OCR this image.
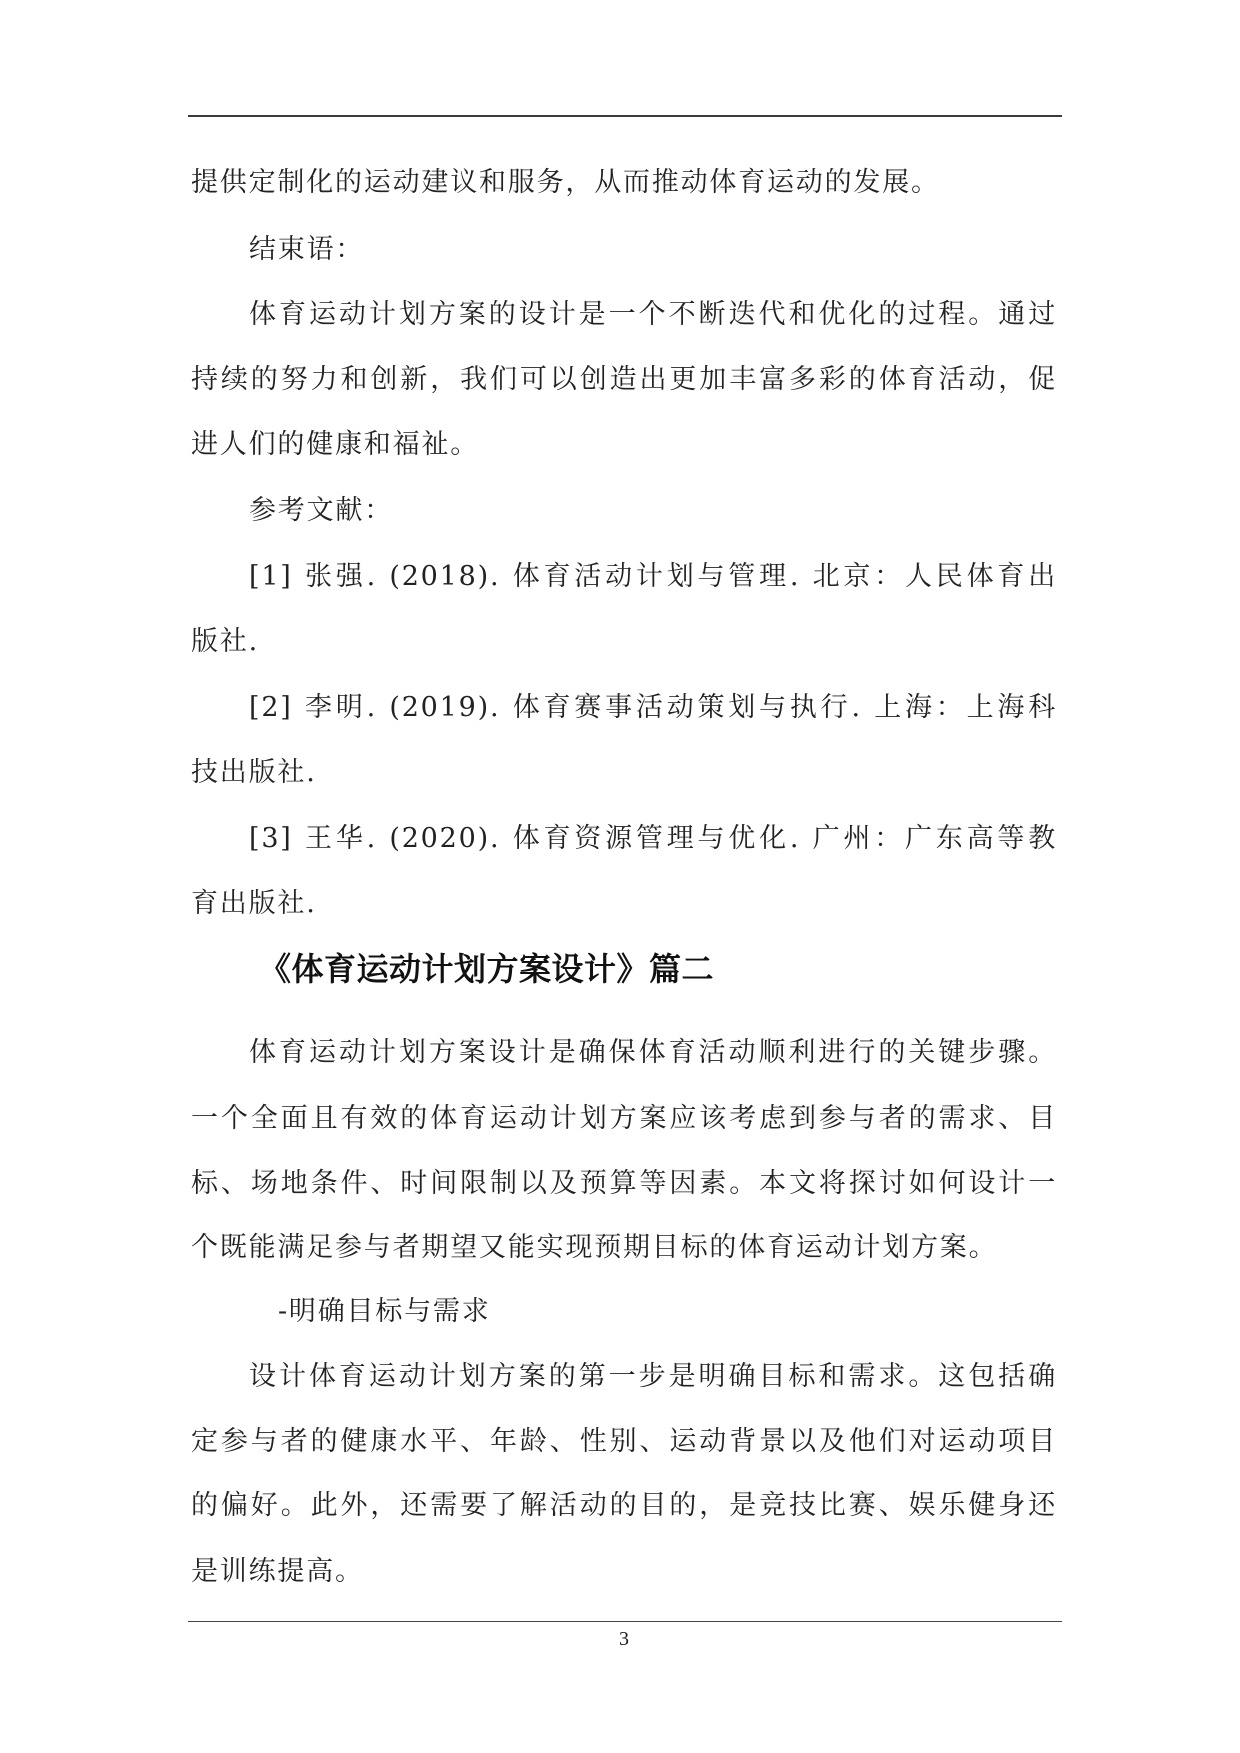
提供定制化的运动建议和服务，从而推动体育运动的发展。
结束语：
体育运动计划方案的设计是一个不断迭代和优化的过程。通过
持续的努力和创新，我们可以创造出更加丰富多彩的体育活动，促
进人们的健康和福祉。
参考文献：
[1] 张强. (2018). 体育活动计划与管理. 北京：人民体育出
版社.
[2] 李明. (2019). 体育赛事活动策划与执行. 上海：上海科
技出版社.
[3] 王华. (2020). 体育资源管理与优化. 广州：广东高等教
育出版社.
《体育运动计划方案设计》篇二
体育运动计划方案设计是确保体育活动顺利进行的关键步骤。
一个全面且有效的体育运动计划方案应该考虑到参与者的需求、目
标、场地条件、时间限制以及预算等因素。本文将探讨如何设计一
个既能满足参与者期望又能实现预期目标的体育运动计划方案。
-明确目标与需求
设计体育运动计划方案的第一步是明确目标和需求。这包括确
定参与者的健康水平、年龄、性别、运动背景以及他们对运动项目
的偏好。此外，还需要了解活动的目的，是竞技比赛、娱乐健身还
是训练提高。
3
